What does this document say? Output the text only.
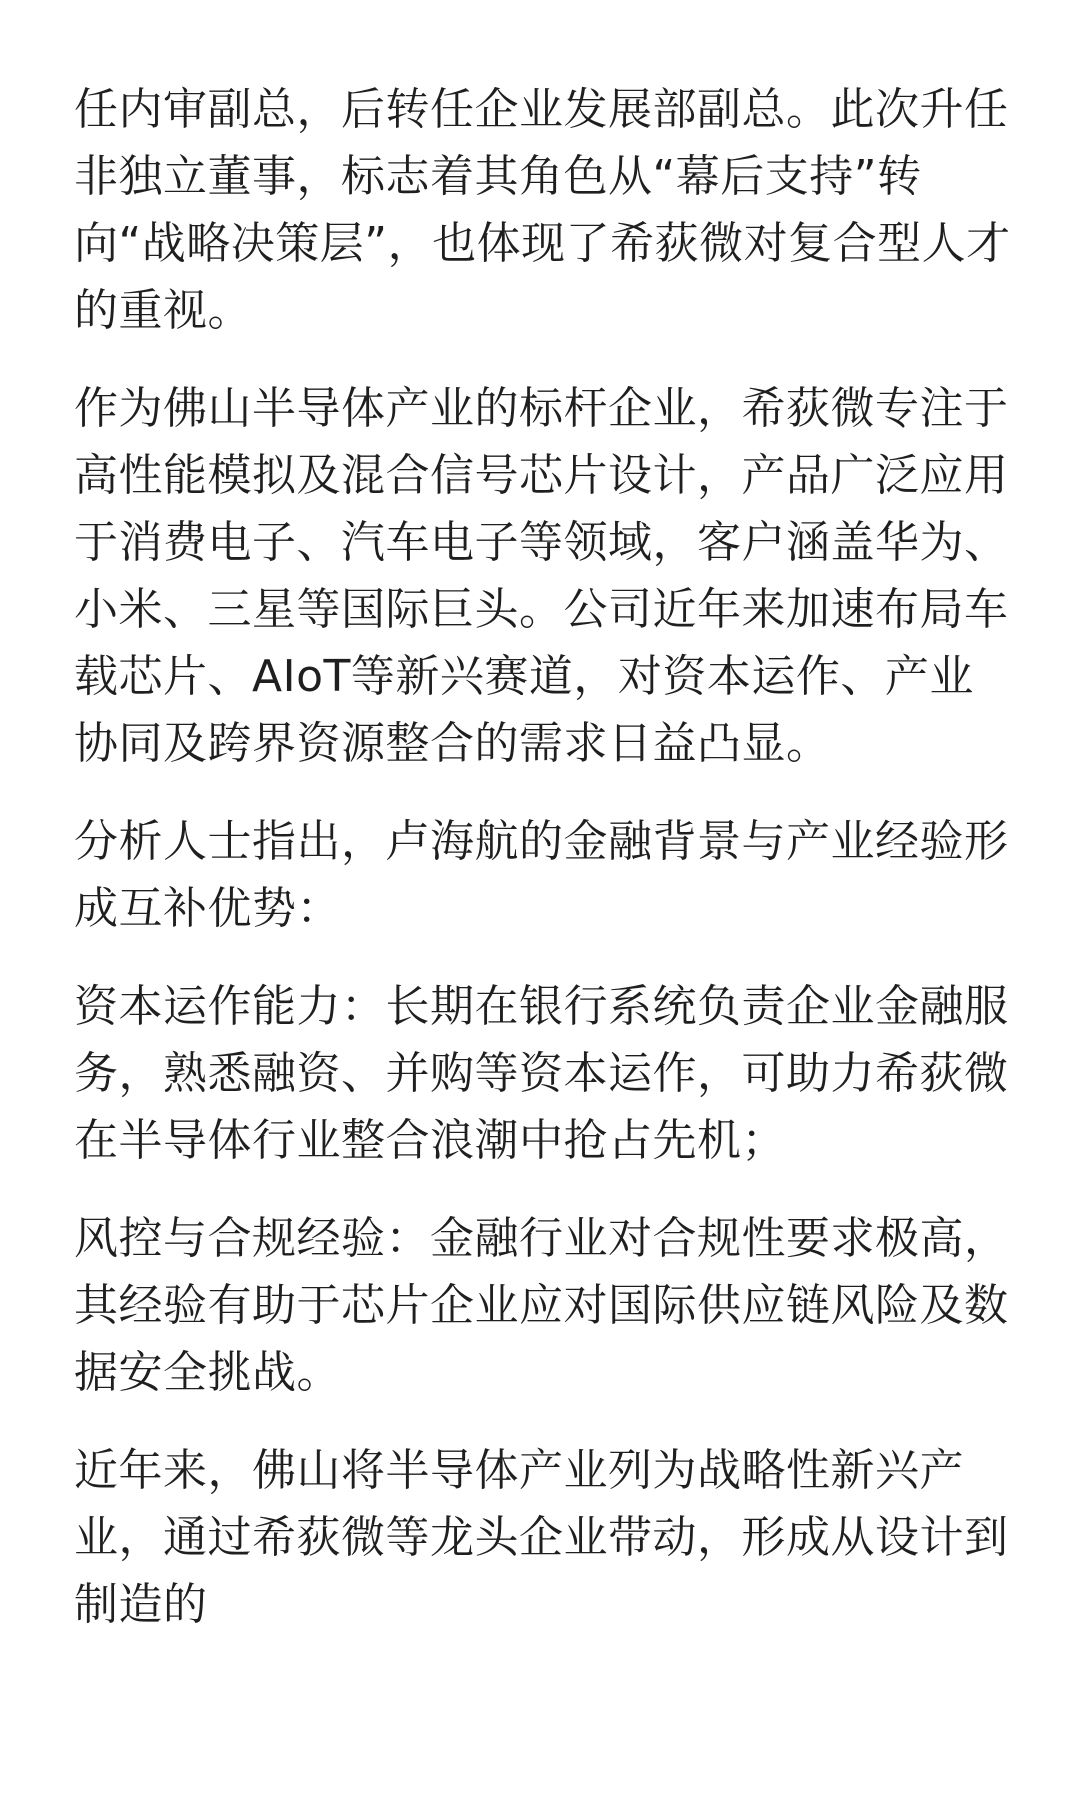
任内审副总，后转任企业发展部副总。此次升任非独立董事，标志着其角色从“幕后支持”转向“战略决策层”，也体现了希荻微对复合型人才的重视。

作为佛山半导体产业的标杆企业，希荻微专注于高性能模拟及混合信号芯片设计，产品广泛应用于消费电子、汽车电子等领域，客户涵盖华为、小米、三星等国际巨头。公司近年来加速布局车载芯片、AIoT等新兴赛道，对资本运作、产业协同及跨界资源整合的需求日益凸显。

分析人士指出，卢海航的金融背景与产业经验形成互补优势：

资本运作能力：长期在银行系统负责企业金融服务，熟悉融资、并购等资本运作，可助力希荻微在半导体行业整合浪潮中抢占先机；

风控与合规经验：金融行业对合规性要求极高，其经验有助于芯片企业应对国际供应链风险及数据安全挑战。

近年来，佛山将半导体产业列为战略性新兴产业，通过希荻微等龙头企业带动，形成从设计到制造的
